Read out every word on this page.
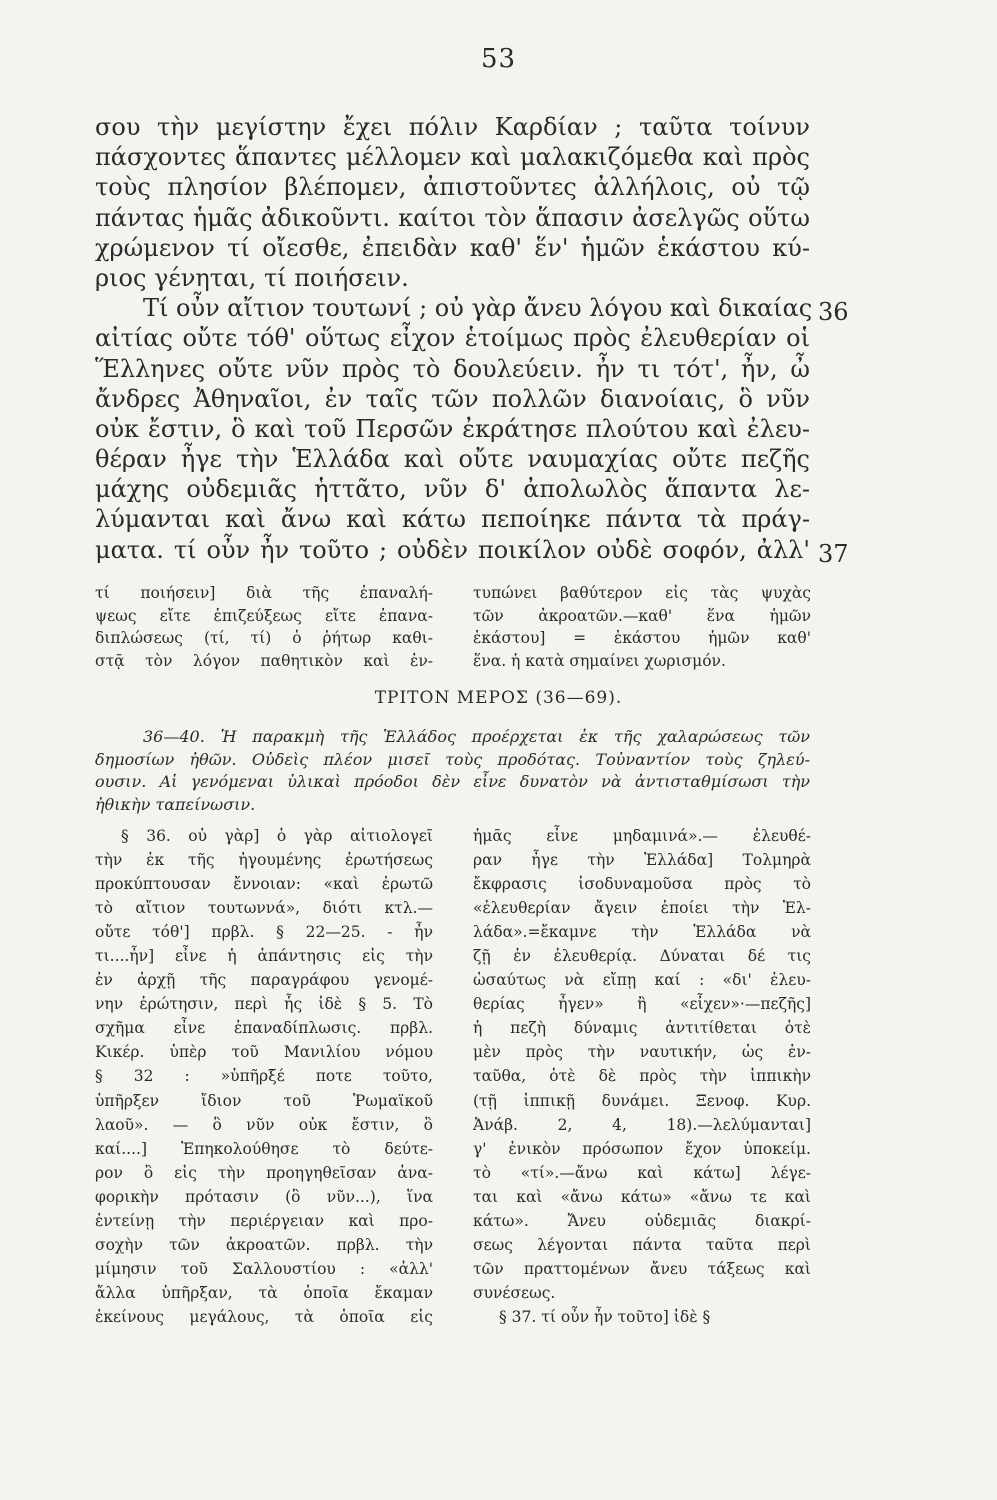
53
σου τὴν μεγίστην ἔχει πόλιν Καρδίαν ; ταῦτα τοίνυν
πάσχοντες ἅπαντες μέλλομεν καὶ μαλακιζόμεθα καὶ πρὸς
τοὺς πλησίον βλέπομεν, ἀπιστοῦντες ἀλλήλοις, οὐ τῷ
πάντας ἡμᾶς ἀδικοῦντι. καίτοι τὸν ἅπασιν ἀσελγῶς οὕτω
χρώμενον τί οἴεσθε, ἐπειδὰν καθ' ἕν' ἡμῶν ἑκάστου κύ-
ριος γένηται, τί ποιήσειν.
Τί οὖν αἴτιον τουτωνί ; οὐ γὰρ ἄνευ λόγου καὶ δικαίας
αἰτίας οὔτε τόθ' οὕτως εἶχον ἑτοίμως πρὸς ἐλευθερίαν οἱ
Ἕλληνες οὔτε νῦν πρὸς τὸ δουλεύειν. ἦν τι τότ', ἦν, ὦ
ἄνδρες Ἀθηναῖοι, ἐν ταῖς τῶν πολλῶν διανοίαις, ὃ νῦν
οὐκ ἔστιν, ὃ καὶ τοῦ Περσῶν ἐκράτησε πλούτου καὶ ἐλευ-
θέραν ἦγε τὴν Ἑλλάδα καὶ οὔτε ναυμαχίας οὔτε πεζῆς
μάχης οὐδεμιᾶς ἡττᾶτο, νῦν δ' ἀπολωλὸς ἅπαντα λε-
λύμανται καὶ ἄνω καὶ κάτω πεποίηκε πάντα τὰ πράγ-
ματα. τί οὖν ἦν τοῦτο ; οὐδὲν ποικίλον οὐδὲ σοφόν, ἀλλ'
36
37
τί ποιήσειν] διὰ τῆς ἐπαναλή-
ψεως εἴτε ἐπιζεύξεως εἴτε ἐπανα-
διπλώσεως (τί, τί) ὁ ῥήτωρ καθι-
στᾷ τὸν λόγον παθητικὸν καὶ ἐν-
τυπώνει βαθύτερον εἰς τὰς ψυχὰς
τῶν ἀκροατῶν.—καθ' ἕνα ἡμῶν
ἑκάστου] = ἑκάστου ἡμῶν καθ'
ἕνα. ἡ κατὰ σημαίνει χωρισμόν.
ΤΡΙΤΟΝ ΜΕΡΟΣ (36—69).
36—40. Ἡ παρακμὴ τῆς Ἑλλάδος προέρχεται ἐκ τῆς χαλαρώσεως τῶν
δημοσίων ἠθῶν. Οὐδεὶς πλέον μισεῖ τοὺς προδότας. Τοὐναντίον τοὺς ζηλεύ-
ουσιν. Αἱ γενόμεναι ὑλικαὶ πρόοδοι δὲν εἶνε δυνατὸν νὰ ἀντισταθμίσωσι τὴν
ἠθικὴν ταπείνωσιν.
§ 36. οὐ γὰρ] ὁ γὰρ αἰτιολογεῖ
τὴν ἐκ τῆς ἠγουμένης ἐρωτήσεως
προκύπτουσαν ἔννοιαν: «καὶ ἐρωτῶ
τὸ αἴτιον τουτωννά», διότι κτλ.—
οὔτε τόθ'] πρβλ. § 22—25. - ἦν
τι....ἦν] εἶνε ἡ ἀπάντησις εἰς τὴν
ἐν ἀρχῇ τῆς παραγράφου γενομέ-
νην ἐρώτησιν, περὶ ἧς ἰδὲ § 5. Τὸ
σχῆμα εἶνε ἐπαναδίπλωσις. πρβλ.
Κικέρ. ὑπὲρ τοῦ Μανιλίου νόμου
§ 32 : »ὑπῆρξέ ποτε τοῦτο,
ὑπῆρξεν ἴδιον τοῦ Ῥωμαϊκοῦ
λαοῦ». — ὃ νῦν οὐκ ἔστιν, ὃ
καί....] Ἐπηκολούθησε τὸ δεύτε-
ρον ὃ εἰς τὴν προηγηθεῖσαν ἀνα-
φορικὴν πρότασιν (ὃ νῦν...), ἵνα
ἐντείνῃ τὴν περιέργειαν καὶ προ-
σοχὴν τῶν ἀκροατῶν. πρβλ. τὴν
μίμησιν τοῦ Σαλλουστίου : «ἀλλ'
ἄλλα ὑπῆρξαν, τὰ ὁποῖα ἔκαμαν
ἐκείνους μεγάλους, τὰ ὁποῖα εἰς
ἡμᾶς εἶνε μηδαμινά».— ἐλευθέ-
ραν ἦγε τὴν Ἑλλάδα] Τολμηρὰ
ἔκφρασις ἰσοδυναμοῦσα πρὸς τὸ
«ἐλευθερίαν ἄγειν ἐποίει τὴν Ἑλ-
λάδα».=ἔκαμνε τὴν Ἑλλάδα νὰ
ζῇ ἐν ἐλευθερίᾳ. Δύναται δέ τις
ὡσαύτως νὰ εἴπῃ καί : «δι' ἐλευ-
θερίας ἦγεν» ἢ «εἶχεν»·—πεζῆς]
ἡ πεζὴ δύναμις ἀντιτίθεται ὁτὲ
μὲν πρὸς τὴν ναυτικήν, ὡς ἐν-
ταῦθα, ὁτὲ δὲ πρὸς τὴν ἱππικὴν
(τῇ ἱππικῇ δυνάμει. Ξενοφ. Κυρ.
Ἀνάβ. 2, 4, 18).—λελύμανται]
γ' ἑνικὸν πρόσωπον ἔχον ὑποκείμ.
τὸ «τί».—ἄνω καὶ κάτω] λέγε-
ται καὶ «ἄνω κάτω» «ἄνω τε καὶ
κάτω». Ἄνευ οὐδεμιᾶς διακρί-
σεως λέγονται πάντα ταῦτα περὶ
τῶν πραττομένων ἄνευ τάξεως καὶ
συνέσεως.
§ 37. τί οὖν ἦν τοῦτο] ἰδὲ §
